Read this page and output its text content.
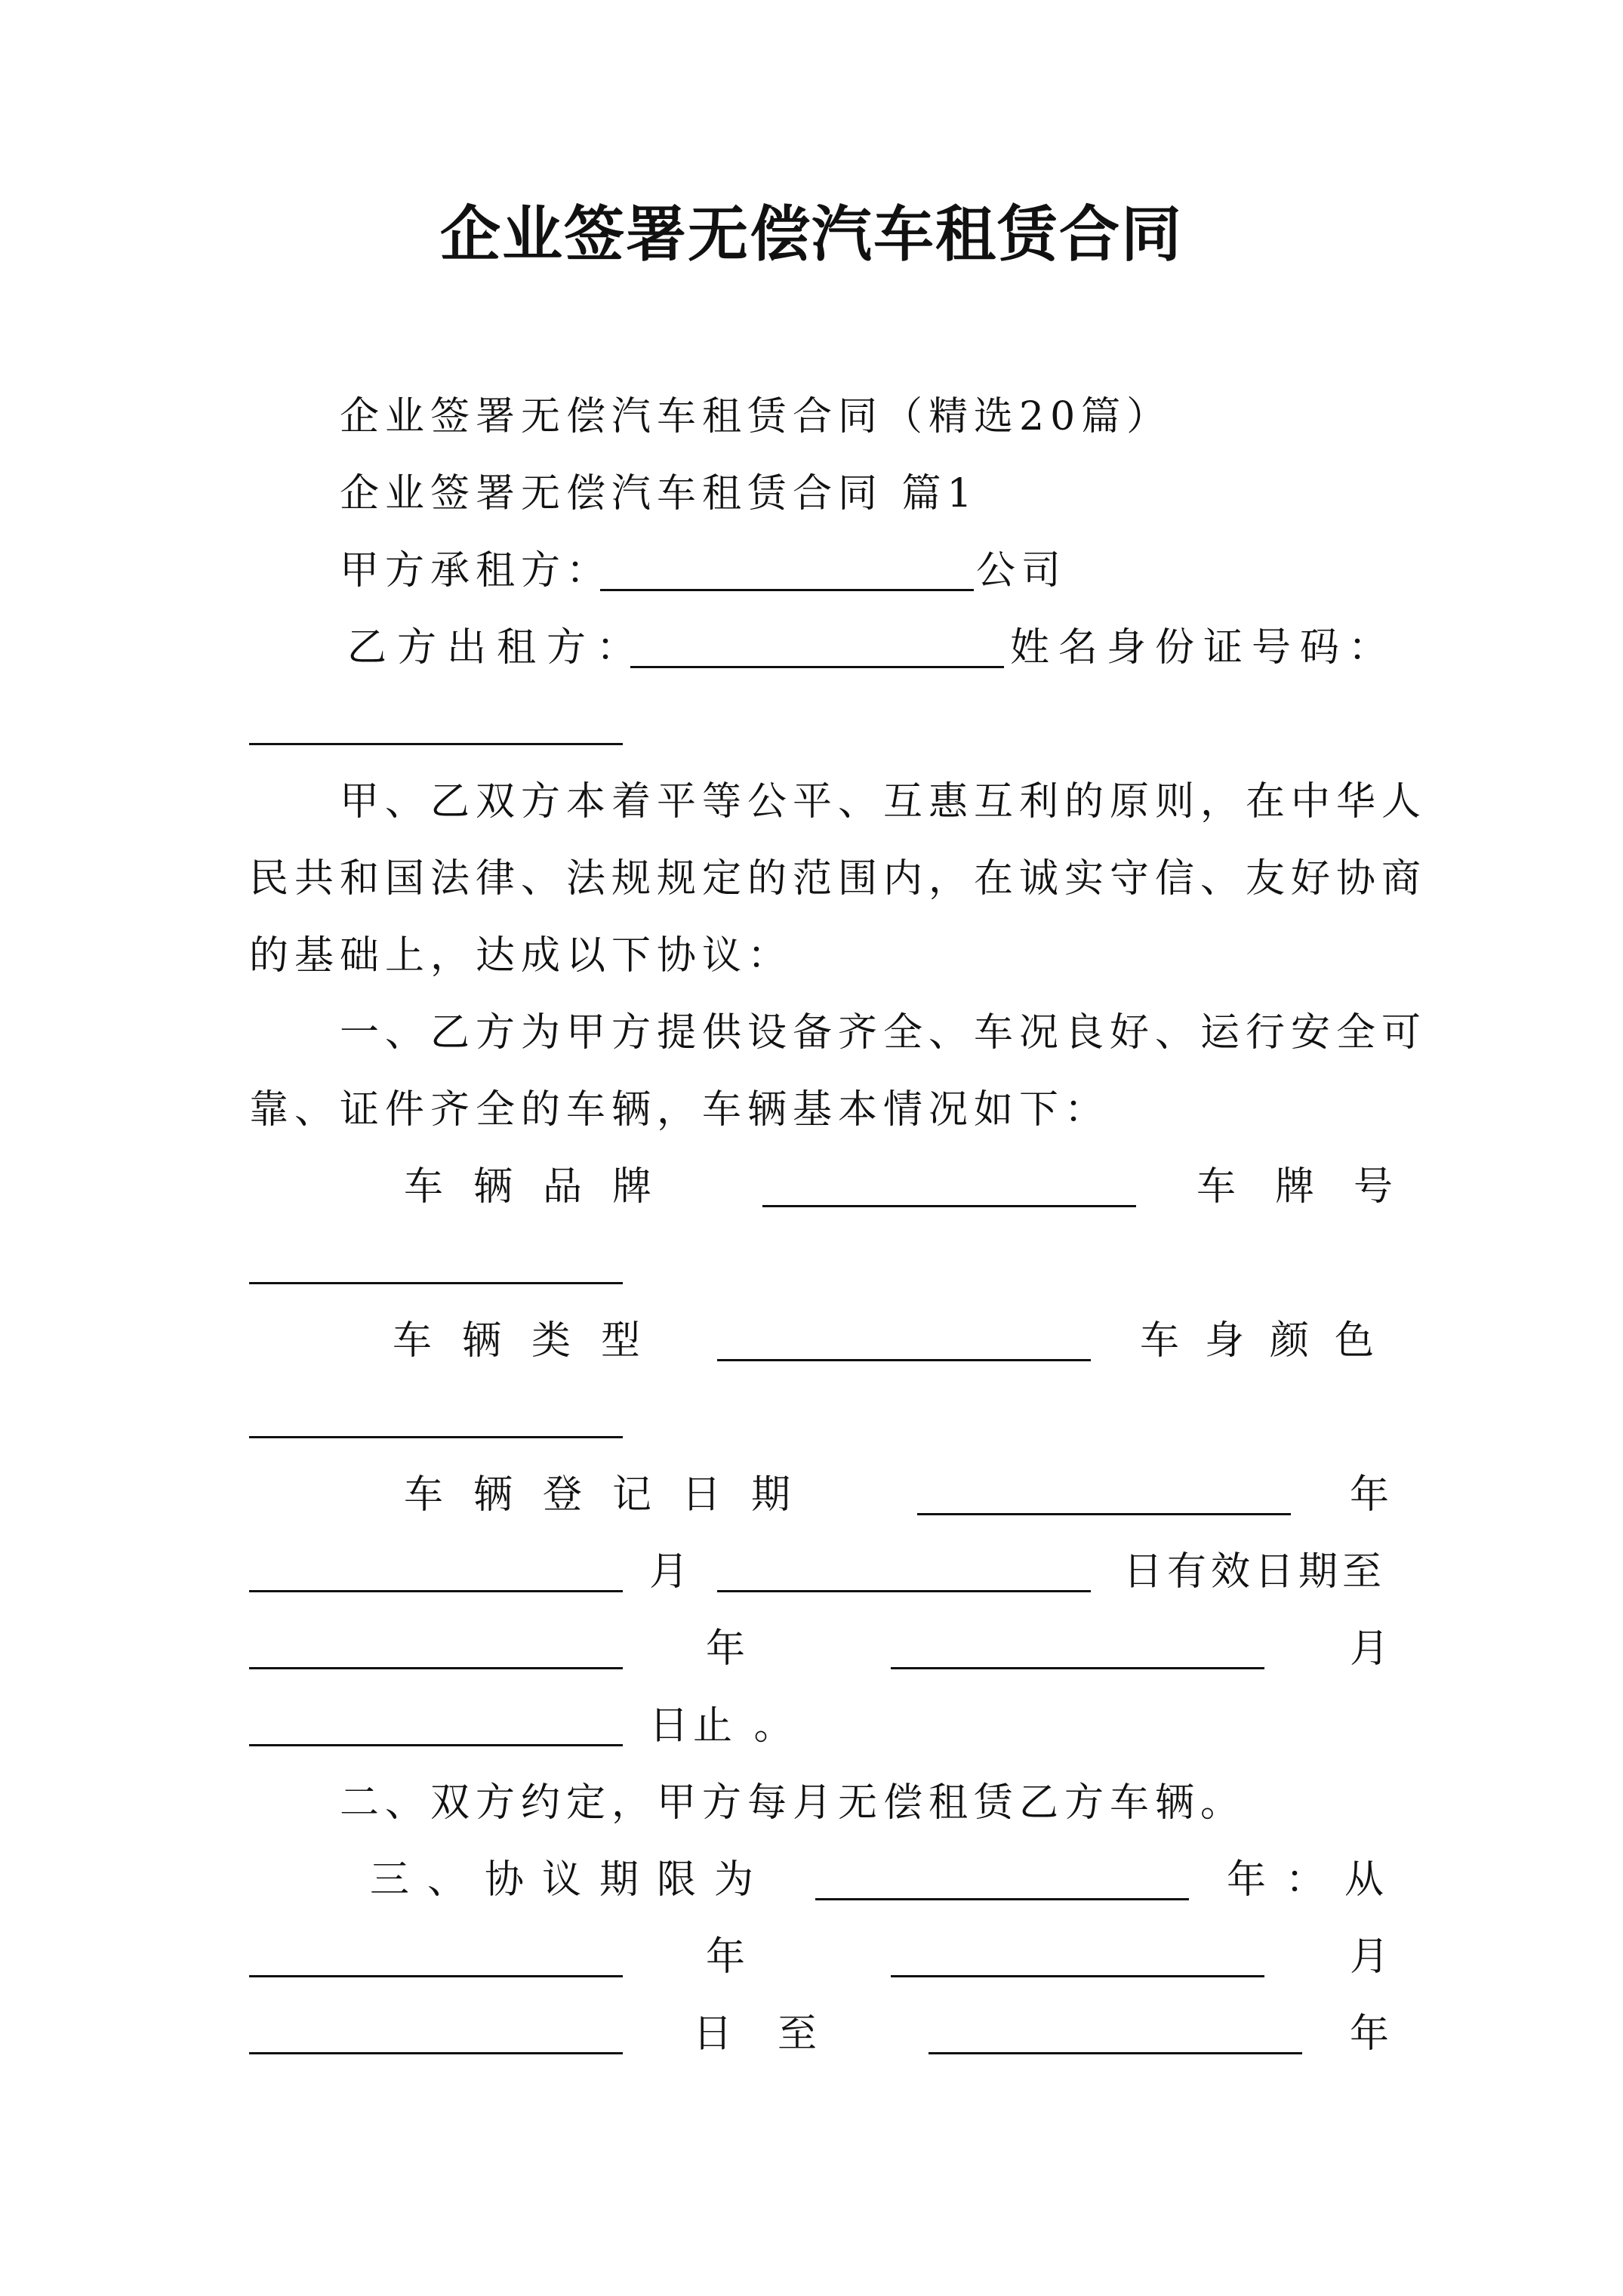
企业签署无偿汽车租赁合同
企业签署无偿汽车租赁合同（精选20篇）
企业签署无偿汽车租赁合同 篇1
甲方承租方：	公司
乙方出租方：	姓名身份证号码：
甲、乙双方本着平等公平、互惠互利的原则，在中华人
民共和国法律、法规规定的范围内，在诚实守信、友好协商
的基础上，达成以下协议：
一、乙方为甲方提供设备齐全、车况良好、运行安全可
靠、证件齐全的车辆，车辆基本情况如下：
车辆品牌	车牌号
车辆类型	车身颜色
车辆登记日期	年
月	日有效日期至
年	月
日止 。
二、双方约定，甲方每月无偿租赁乙方车辆。
三、协议期限为	年：从
年	月
日至	年
